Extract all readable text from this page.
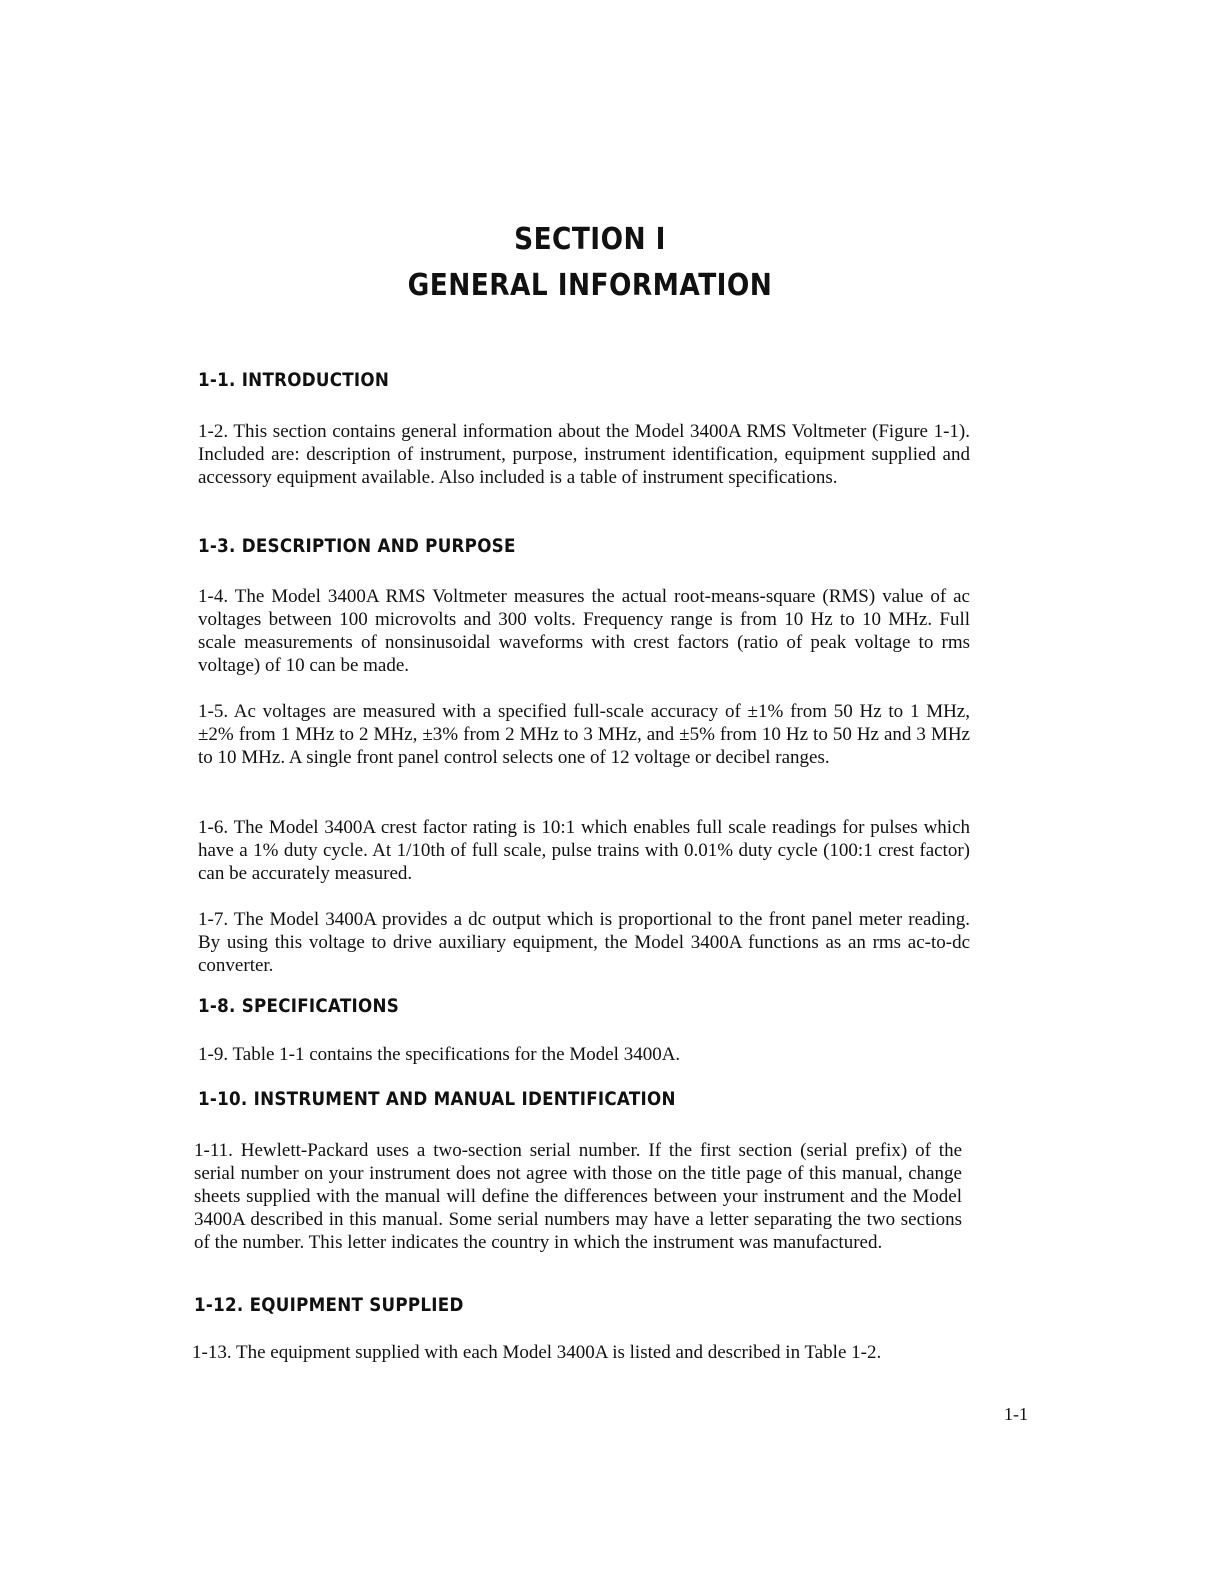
SECTION I
GENERAL INFORMATION
1-1. INTRODUCTION
1-2. This section contains general information about the Model 3400A RMS Voltmeter (Figure 1-1). Included are: description of instrument, purpose, instrument identification, equipment supplied and accessory equipment available. Also included is a table of instrument specifications.
1-3. DESCRIPTION AND PURPOSE
1-4. The Model 3400A RMS Voltmeter measures the actual root-means-square (RMS) value of ac voltages between 100 microvolts and 300 volts. Frequency range is from 10 Hz to 10 MHz. Full scale measurements of nonsinusoidal waveforms with crest factors (ratio of peak voltage to rms voltage) of 10 can be made.
1-5. Ac voltages are measured with a specified full-scale accuracy of ±1% from 50 Hz to 1 MHz, ±2% from 1 MHz to 2 MHz, ±3% from 2 MHz to 3 MHz, and ±5% from 10 Hz to 50 Hz and 3 MHz to 10 MHz. A single front panel control selects one of 12 voltage or decibel ranges.
1-6. The Model 3400A crest factor rating is 10:1 which enables full scale readings for pulses which have a 1% duty cycle. At 1/10th of full scale, pulse trains with 0.01% duty cycle (100:1 crest factor) can be accurately measured.
1-7. The Model 3400A provides a dc output which is proportional to the front panel meter reading. By using this voltage to drive auxiliary equipment, the Model 3400A functions as an rms ac-to-dc converter.
1-8. SPECIFICATIONS
1-9. Table 1-1 contains the specifications for the Model 3400A.
1-10. INSTRUMENT AND MANUAL IDENTIFICATION
1-11. Hewlett-Packard uses a two-section serial number. If the first section (serial prefix) of the serial number on your instrument does not agree with those on the title page of this manual, change sheets supplied with the manual will define the differences between your instrument and the Model 3400A described in this manual. Some serial numbers may have a letter separating the two sections of the number. This letter indicates the country in which the instrument was manufactured.
1-12. EQUIPMENT SUPPLIED
1-13. The equipment supplied with each Model 3400A is listed and described in Table 1-2.
1-1
